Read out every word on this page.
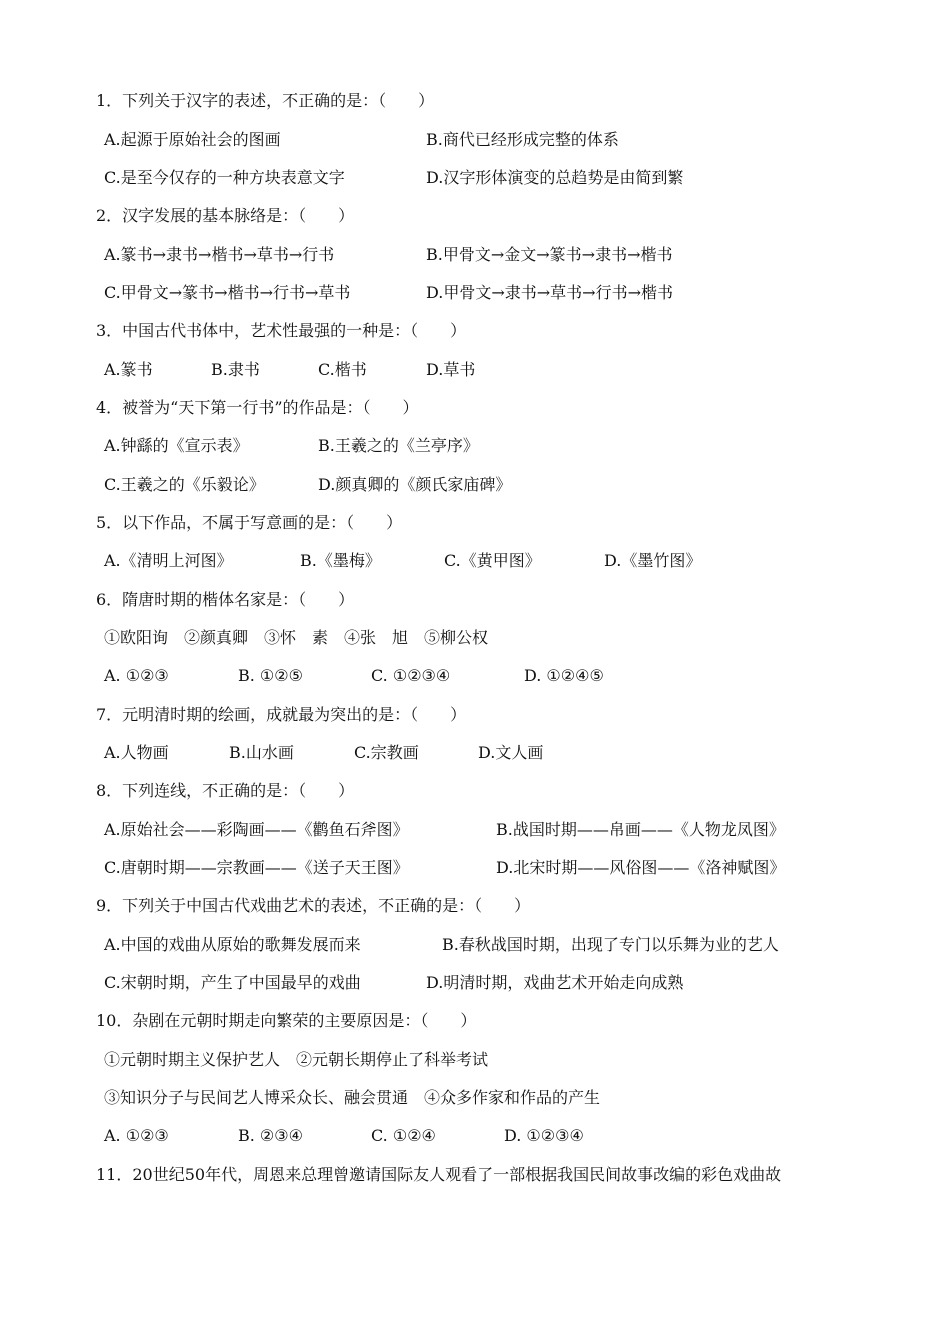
1．下列关于汉字的表述，不正确的是：（　　）
A.起源于原始社会的图画	B.商代已经形成完整的体系
C.是至今仅存的一种方块表意文字	D.汉字形体演变的总趋势是由简到繁
2．汉字发展的基本脉络是：（　　）
A.篆书→隶书→楷书→草书→行书	B.甲骨文→金文→篆书→隶书→楷书
C.甲骨文→篆书→楷书→行书→草书	D.甲骨文→隶书→草书→行书→楷书
3．中国古代书体中，艺术性最强的一种是：（　　）
A.篆书	B.隶书	C.楷书	D.草书
4．被誉为“天下第一行书”的作品是：（　　）
A.钟繇的《宣示表》	B.王羲之的《兰亭序》
C.王羲之的《乐毅论》	D.颜真卿的《颜氏家庙碑》
5．以下作品，不属于写意画的是：（　　）
A.《清明上河图》	B.《墨梅》	C.《黄甲图》	D.《墨竹图》
6．隋唐时期的楷体名家是：（　　）
①欧阳询　②颜真卿　③怀　素　④张　旭　⑤柳公权
A. ①②③	B. ①②⑤	C. ①②③④	D. ①②④⑤
7．元明清时期的绘画，成就最为突出的是：（　　）
A.人物画	B.山水画	C.宗教画	D.文人画
8．下列连线，不正确的是：（　　）
A.原始社会——彩陶画——《鹳鱼石斧图》	B.战国时期——帛画——《人物龙凤图》
C.唐朝时期——宗教画——《送子天王图》	D.北宋时期——风俗图——《洛神赋图》
9．下列关于中国古代戏曲艺术的表述，不正确的是：（　　）
A.中国的戏曲从原始的歌舞发展而来	B.春秋战国时期，出现了专门以乐舞为业的艺人
C.宋朝时期，产生了中国最早的戏曲	D.明清时期，戏曲艺术开始走向成熟
10．杂剧在元朝时期走向繁荣的主要原因是：（　　）
①元朝时期主义保护艺人　②元朝长期停止了科举考试
③知识分子与民间艺人博采众长、融会贯通　④众多作家和作品的产生
A. ①②③	B. ②③④	C. ①②④	D. ①②③④
11．20世纪50年代，周恩来总理曾邀请国际友人观看了一部根据我国民间故事改编的彩色戏曲故
